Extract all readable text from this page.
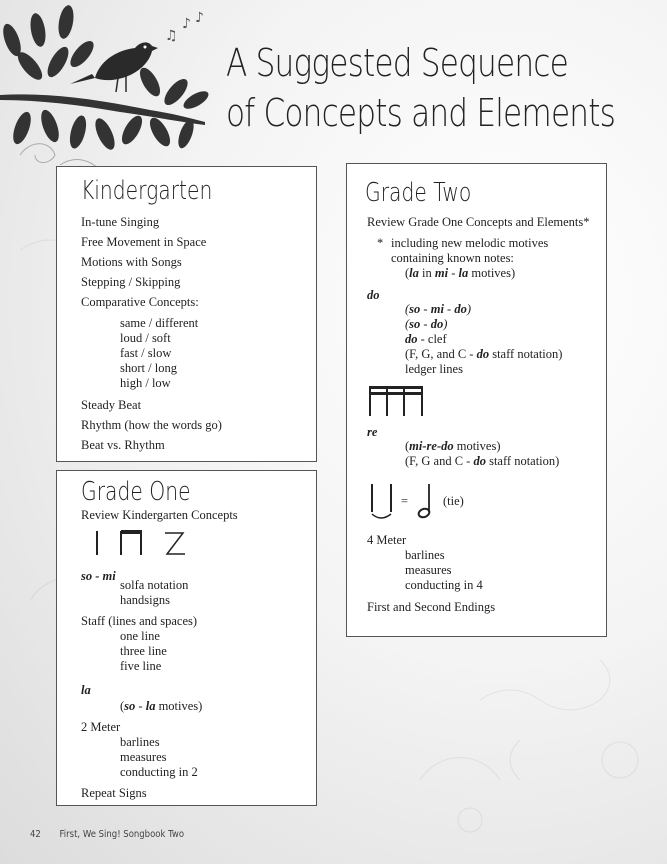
♫
♪ ♪
A Suggested Sequence
of Concepts and Elements
Kindergarten
In-tune Singing
Free Movement in Space
Motions with Songs
Stepping / Skipping
Comparative Concepts:
same / different
loud / soft
fast / slow
short / long
high / low
Steady Beat
Rhythm (how the words go)
Beat vs. Rhythm
Grade One
Review Kindergarten Concepts
so - mi
solfa notation
handsigns
Staff (lines and spaces)
one line
three line
five line
la
(so - la motives)
2 Meter
barlines
measures
conducting in 2
Repeat Signs
Grade Two
Review Grade One Concepts and Elements*
* including new melodic motives
containing known notes:
(la in mi - la motives)
do
(so - mi - do)
(so - do)
do - clef
(F, G, and C - do staff notation)
ledger lines
re
(mi-re-do motives)
(F, G and C - do staff notation)
=	(tie)
4 Meter
barlines
measures
conducting in 4
First and Second Endings
42 First, We Sing! Songbook Two
